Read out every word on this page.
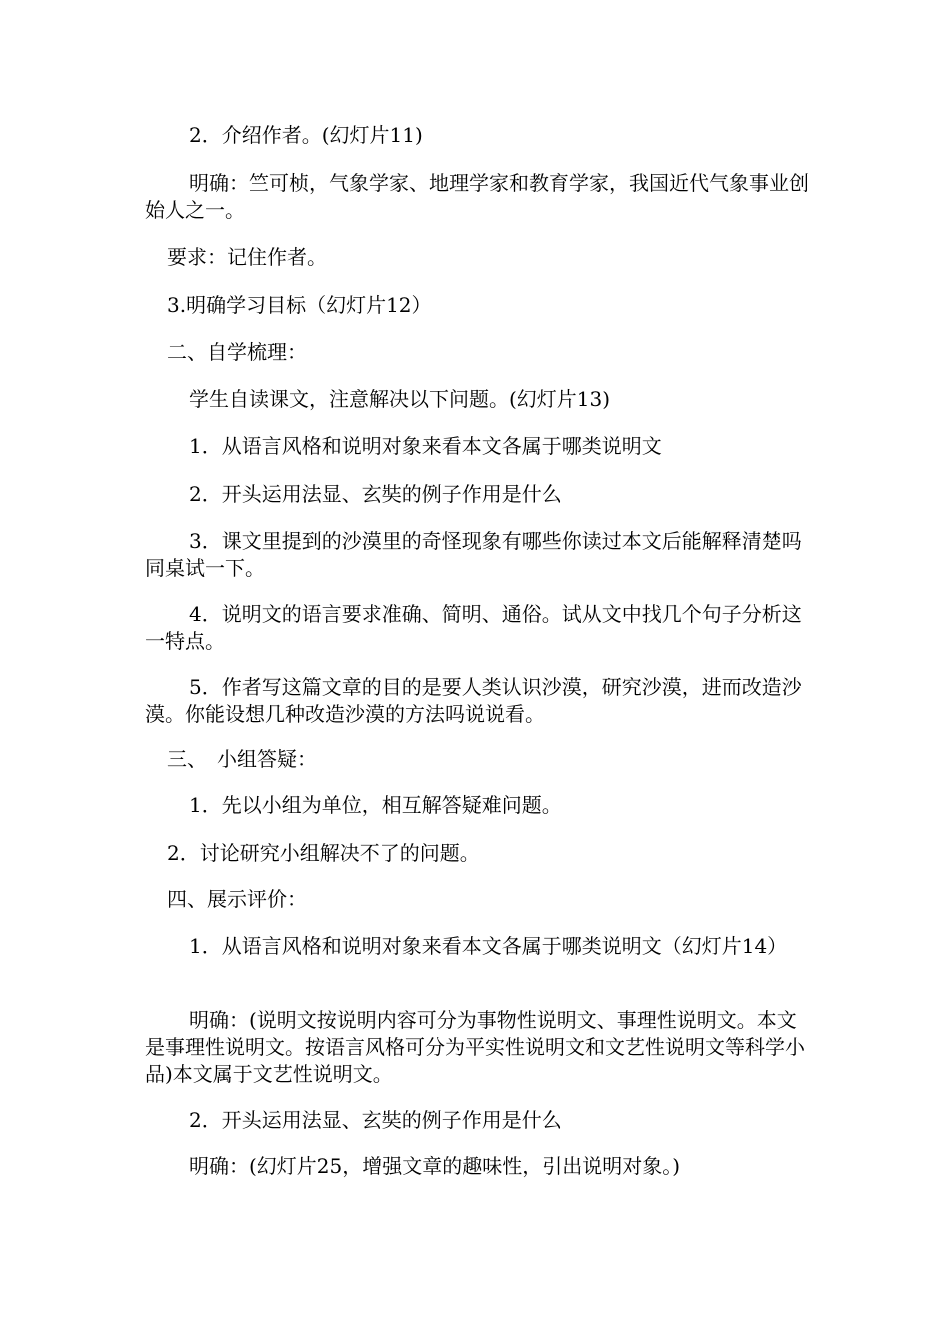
2．介绍作者。(幻灯片11)

明确：竺可桢，气象学家、地理学家和教育学家，我国近代气象事业创始人之一。

要求：记住作者。

3.明确学习目标（幻灯片12）

二、自学梳理：

学生自读课文，注意解决以下问题。(幻灯片13)

1．从语言风格和说明对象来看本文各属于哪类说明文

2．开头运用法显、玄奘的例子作用是什么

3．课文里提到的沙漠里的奇怪现象有哪些你读过本文后能解释清楚吗同桌试一下。

4．说明文的语言要求准确、简明、通俗。试从文中找几个句子分析这一特点。

5．作者写这篇文章的目的是要人类认识沙漠，研究沙漠，进而改造沙漠。你能设想几种改造沙漠的方法吗说说看。

三、　小组答疑：

1．先以小组为单位，相互解答疑难问题。

2．讨论研究小组解决不了的问题。

四、展示评价：

1．从语言风格和说明对象来看本文各属于哪类说明文（幻灯片14）

明确：(说明文按说明内容可分为事物性说明文、事理性说明文。本文是事理性说明文。按语言风格可分为平实性说明文和文艺性说明文等科学小品)本文属于文艺性说明文。

2．开头运用法显、玄奘的例子作用是什么

明确：(幻灯片25，增强文章的趣味性，引出说明对象。)
